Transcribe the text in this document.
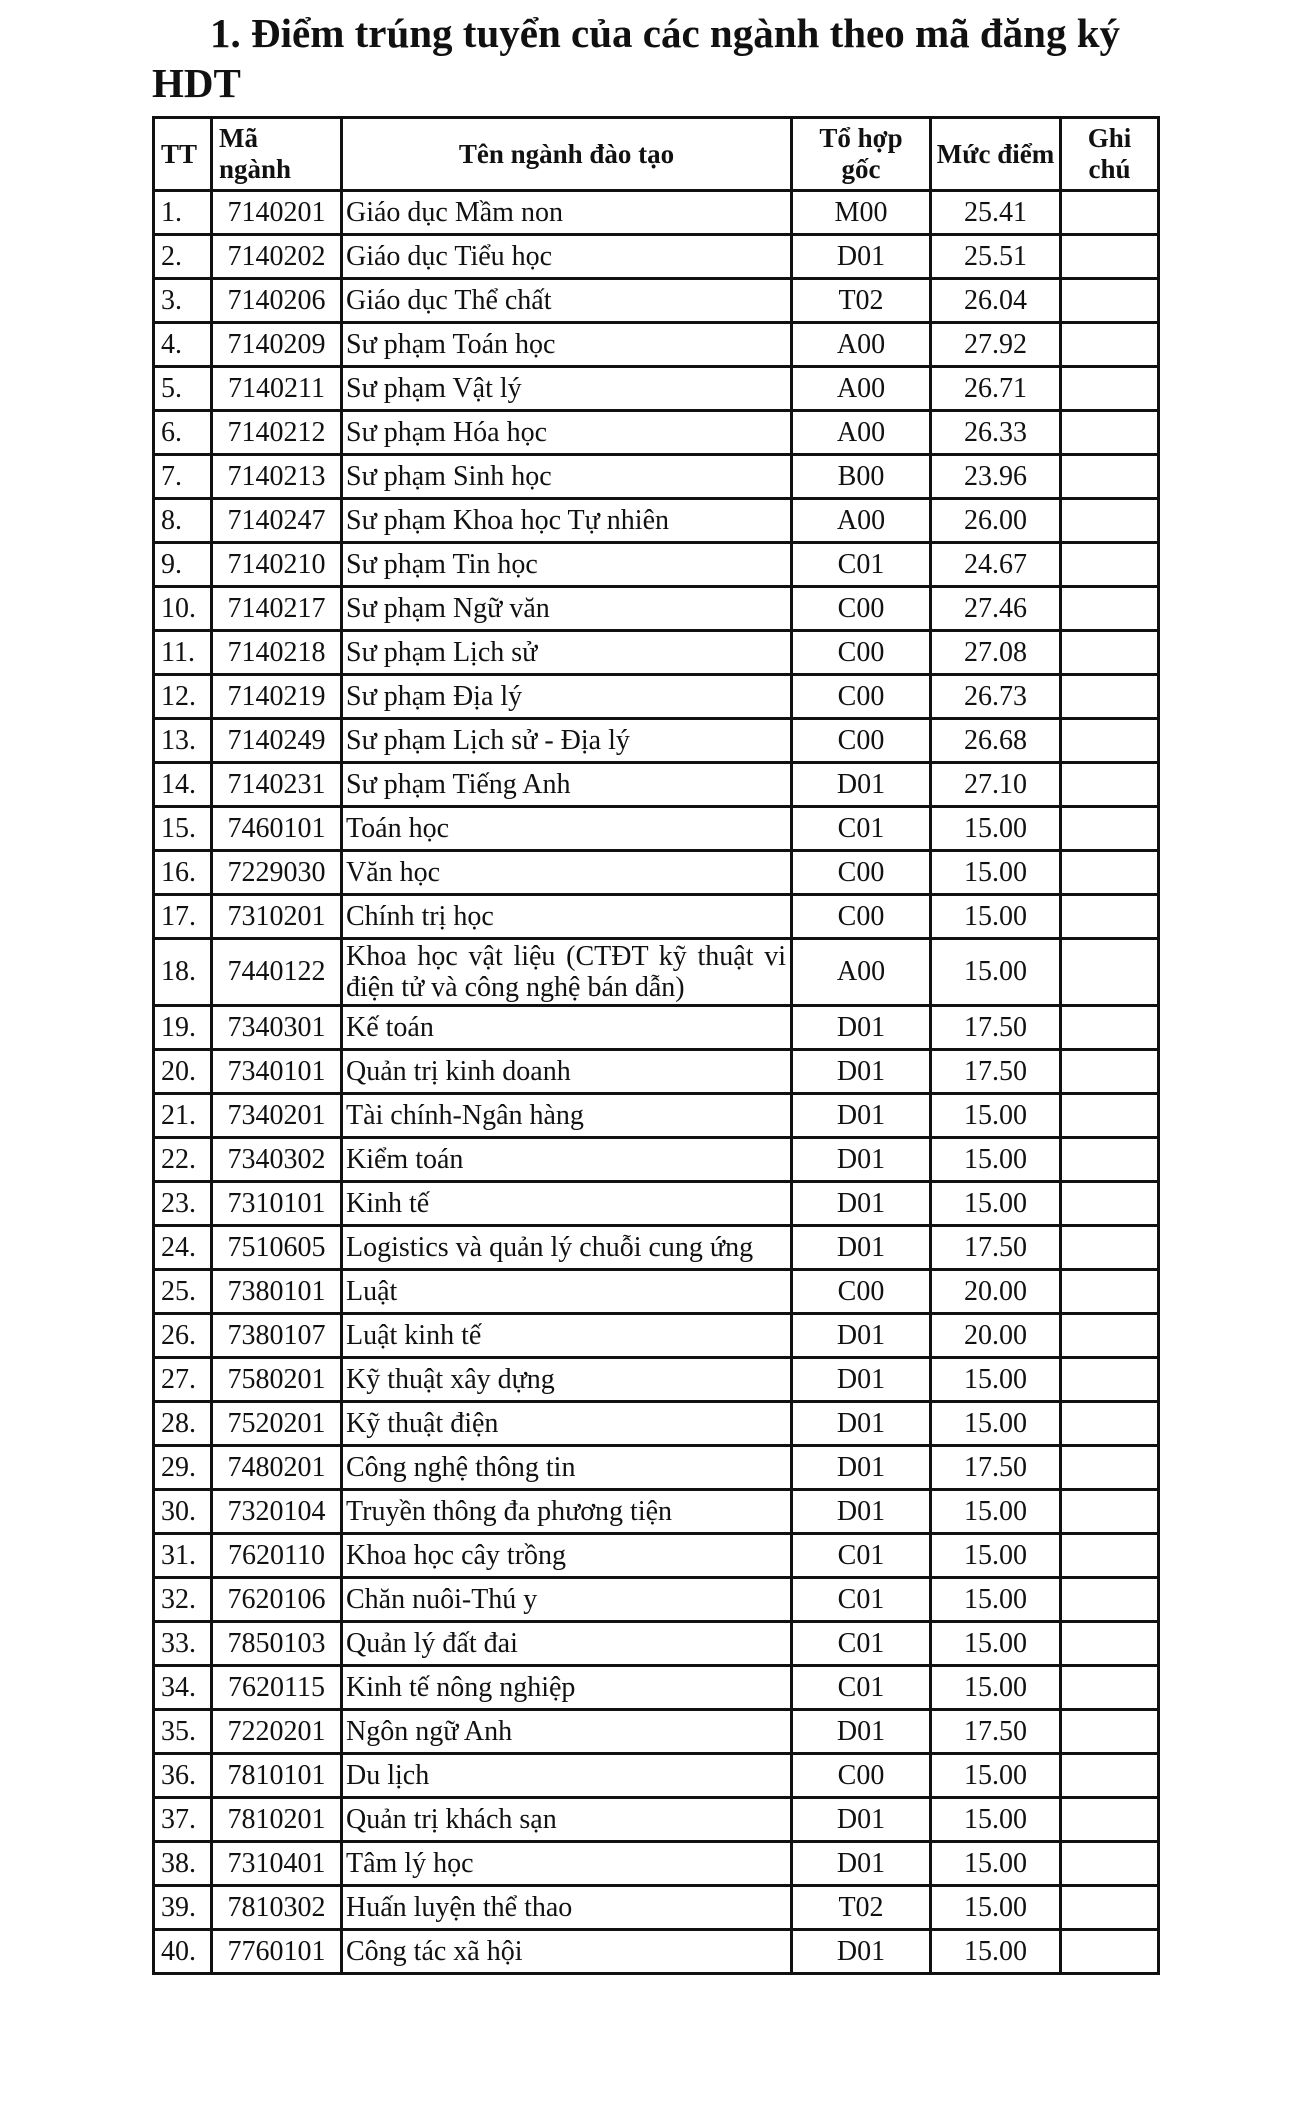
1. Điểm trúng tuyển của các ngành theo mã đăng ký HDT
TT	Mã ngành	Tên ngành đào tạo	Tổ hợp gốc	Mức điểm	Ghi chú
1.	7140201	Giáo dục Mầm non	M00	25.41	
2.	7140202	Giáo dục Tiểu học	D01	25.51	
3.	7140206	Giáo dục Thể chất	T02	26.04	
4.	7140209	Sư phạm Toán học	A00	27.92	
5.	7140211	Sư phạm Vật lý	A00	26.71	
6.	7140212	Sư phạm Hóa học	A00	26.33	
7.	7140213	Sư phạm Sinh học	B00	23.96	
8.	7140247	Sư phạm Khoa học Tự nhiên	A00	26.00	
9.	7140210	Sư phạm Tin học	C01	24.67	
10.	7140217	Sư phạm Ngữ văn	C00	27.46	
11.	7140218	Sư phạm Lịch sử	C00	27.08	
12.	7140219	Sư phạm Địa lý	C00	26.73	
13.	7140249	Sư phạm Lịch sử - Địa lý	C00	26.68	
14.	7140231	Sư phạm Tiếng Anh	D01	27.10	
15.	7460101	Toán học	C01	15.00	
16.	7229030	Văn học	C00	15.00	
17.	7310201	Chính trị học	C00	15.00	
18.	7440122	Khoa học vật liệu (CTĐT kỹ thuật vi điện tử và công nghệ bán dẫn)	A00	15.00	
19.	7340301	Kế toán	D01	17.50	
20.	7340101	Quản trị kinh doanh	D01	17.50	
21.	7340201	Tài chính-Ngân hàng	D01	15.00	
22.	7340302	Kiểm toán	D01	15.00	
23.	7310101	Kinh tế	D01	15.00	
24.	7510605	Logistics và quản lý chuỗi cung ứng	D01	17.50	
25.	7380101	Luật	C00	20.00	
26.	7380107	Luật kinh tế	D01	20.00	
27.	7580201	Kỹ thuật xây dựng	D01	15.00	
28.	7520201	Kỹ thuật điện	D01	15.00	
29.	7480201	Công nghệ thông tin	D01	17.50	
30.	7320104	Truyền thông đa phương tiện	D01	15.00	
31.	7620110	Khoa học cây trồng	C01	15.00	
32.	7620106	Chăn nuôi-Thú y	C01	15.00	
33.	7850103	Quản lý đất đai	C01	15.00	
34.	7620115	Kinh tế nông nghiệp	C01	15.00	
35.	7220201	Ngôn ngữ Anh	D01	17.50	
36.	7810101	Du lịch	C00	15.00	
37.	7810201	Quản trị khách sạn	D01	15.00	
38.	7310401	Tâm lý học	D01	15.00	
39.	7810302	Huấn luyện thể thao	T02	15.00	
40.	7760101	Công tác xã hội	D01	15.00	
